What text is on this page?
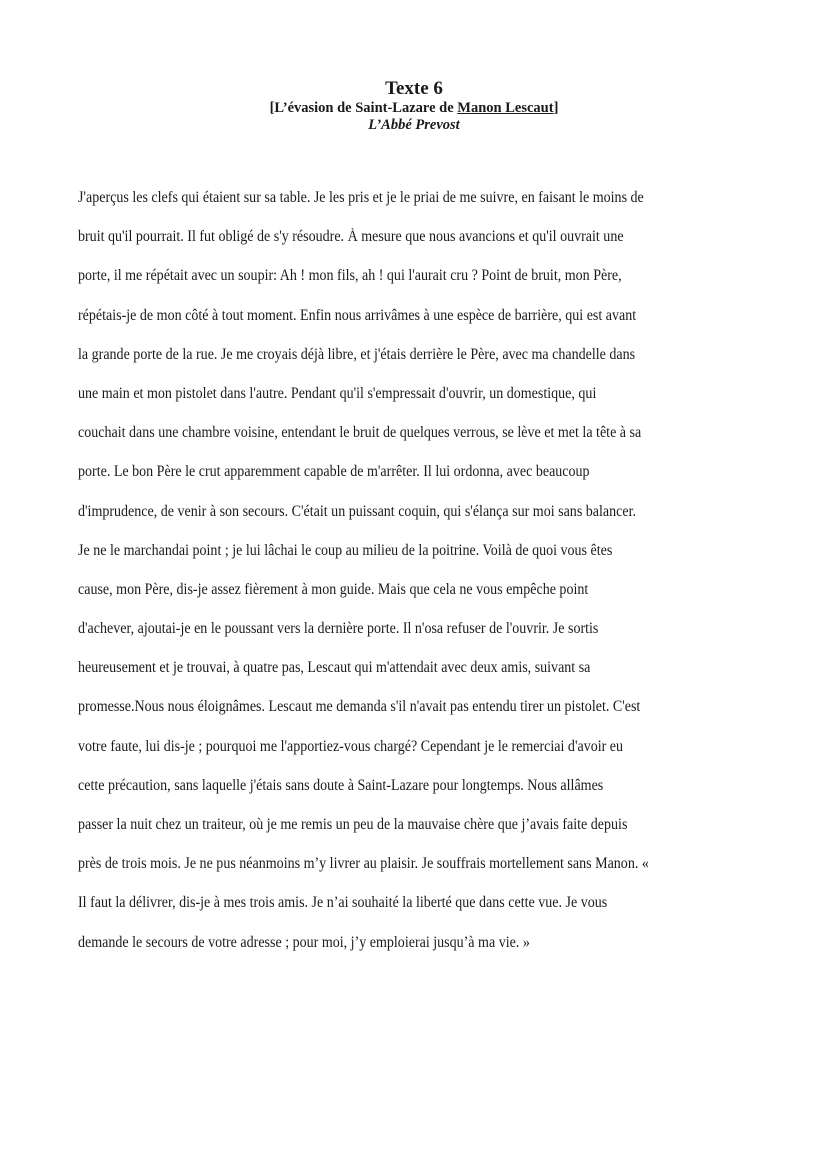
Texte 6

[L’évasion de Saint-Lazare de Manon Lescaut]

L’Abbé Prevost

J'aperçus les clefs qui étaient sur sa table. Je les pris et je le priai de me suivre, en faisant le moins de
bruit qu'il pourrait. Il fut obligé de s'y résoudre. À mesure que nous avancions et qu'il ouvrait une
porte, il me répétait avec un soupir: Ah ! mon fils, ah ! qui l'aurait cru ? Point de bruit, mon Père,
répétais-je de mon côté à tout moment. Enfin nous arrivâmes à une espèce de barrière, qui est avant
la grande porte de la rue. Je me croyais déjà libre, et j'étais derrière le Père, avec ma chandelle dans
une main et mon pistolet dans l'autre. Pendant qu'il s'empressait d'ouvrir, un domestique, qui
couchait dans une chambre voisine, entendant le bruit de quelques verrous, se lève et met la tête à sa
porte. Le bon Père le crut apparemment capable de m'arrêter. Il lui ordonna, avec beaucoup
d'imprudence, de venir à son secours. C'était un puissant coquin, qui s'élança sur moi sans balancer.
Je ne le marchandai point ; je lui lâchai le coup au milieu de la poitrine. Voilà de quoi vous êtes
cause, mon Père, dis-je assez fièrement à mon guide. Mais que cela ne vous empêche point
d'achever, ajoutai-je en le poussant vers la dernière porte. Il n'osa refuser de l'ouvrir. Je sortis
heureusement et je trouvai, à quatre pas, Lescaut qui m'attendait avec deux amis, suivant sa
promesse.Nous nous éloignâmes. Lescaut me demanda s'il n'avait pas entendu tirer un pistolet. C'est
votre faute, lui dis-je ; pourquoi me l'apportiez-vous chargé? Cependant je le remerciai d'avoir eu
cette précaution, sans laquelle j'étais sans doute à Saint-Lazare pour longtemps. Nous allâmes
passer la nuit chez un traiteur, où je me remis un peu de la mauvaise chère que j’avais faite depuis
près de trois mois. Je ne pus néanmoins m’y livrer au plaisir. Je souffrais mortellement sans Manon. «
Il faut la délivrer, dis-je à mes trois amis. Je n’ai souhaité la liberté que dans cette vue. Je vous
demande le secours de votre adresse ; pour moi, j’y emploierai jusqu’à ma vie. »
